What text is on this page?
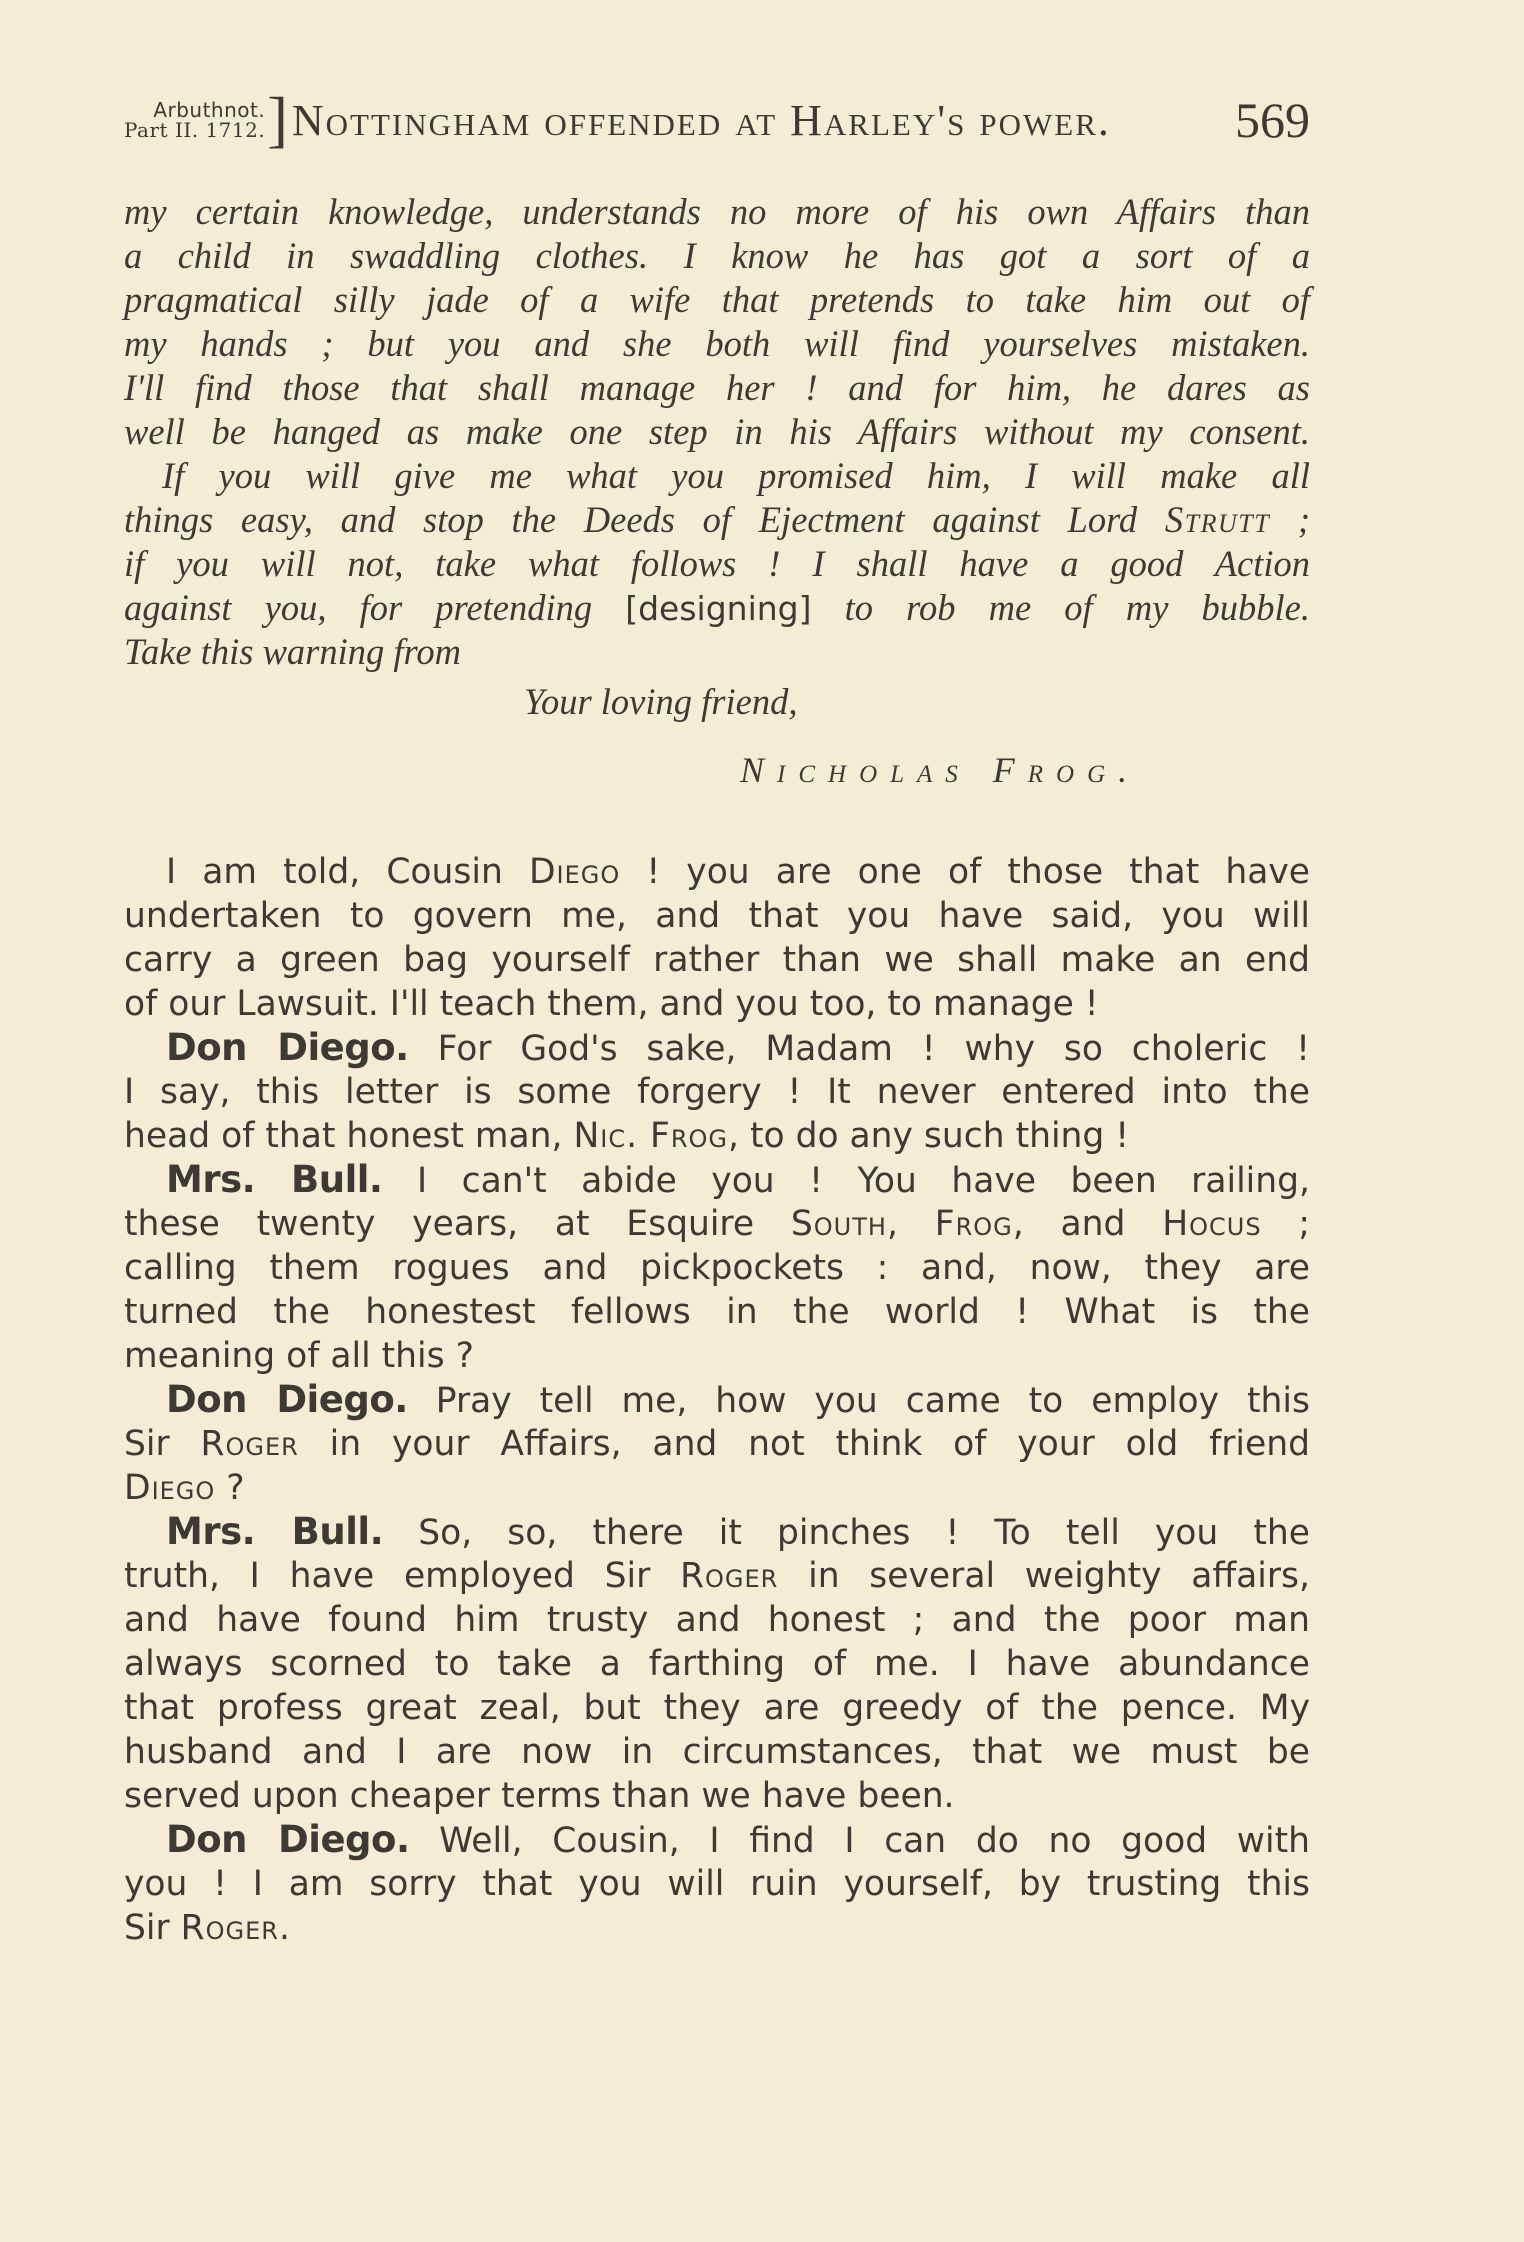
Arbuthnot.
Part II. 1712. ] Nottingham offended at Harley's power. 569
my certain knowledge, understands no more of his own Affairs than
a child in swaddling clothes. I know he has got a sort of a
pragmatical silly jade of a wife that pretends to take him out of
my hands ; but you and she both will find yourselves mistaken.
I'll find those that shall manage her ! and for him, he dares as
well be hanged as make one step in his Affairs without my consent.
If you will give me what you promised him, I will make all
things easy, and stop the Deeds of Ejectment against Lord Strutt ;
if you will not, take what follows ! I shall have a good Action
against you, for pretending [designing] to rob me of my bubble.
Take this warning from
Your loving friend,
Nicholas Frog.
I am told, Cousin Diego ! you are one of those that have
undertaken to govern me, and that you have said, you will
carry a green bag yourself rather than we shall make an end
of our Lawsuit. I'll teach them, and you too, to manage !
Don Diego. For God's sake, Madam ! why so choleric !
I say, this letter is some forgery ! It never entered into the
head of that honest man, Nic. Frog, to do any such thing !
Mrs. Bull. I can't abide you ! You have been railing,
these twenty years, at Esquire South, Frog, and Hocus ;
calling them rogues and pickpockets : and, now, they are
turned the honestest fellows in the world ! What is the
meaning of all this ?
Don Diego. Pray tell me, how you came to employ this
Sir Roger in your Affairs, and not think of your old friend
Diego ?
Mrs. Bull. So, so, there it pinches ! To tell you the
truth, I have employed Sir Roger in several weighty affairs,
and have found him trusty and honest ; and the poor man
always scorned to take a farthing of me. I have abundance
that profess great zeal, but they are greedy of the pence. My
husband and I are now in circumstances, that we must be
served upon cheaper terms than we have been.
Don Diego. Well, Cousin, I find I can do no good with
you ! I am sorry that you will ruin yourself, by trusting this
Sir Roger.
